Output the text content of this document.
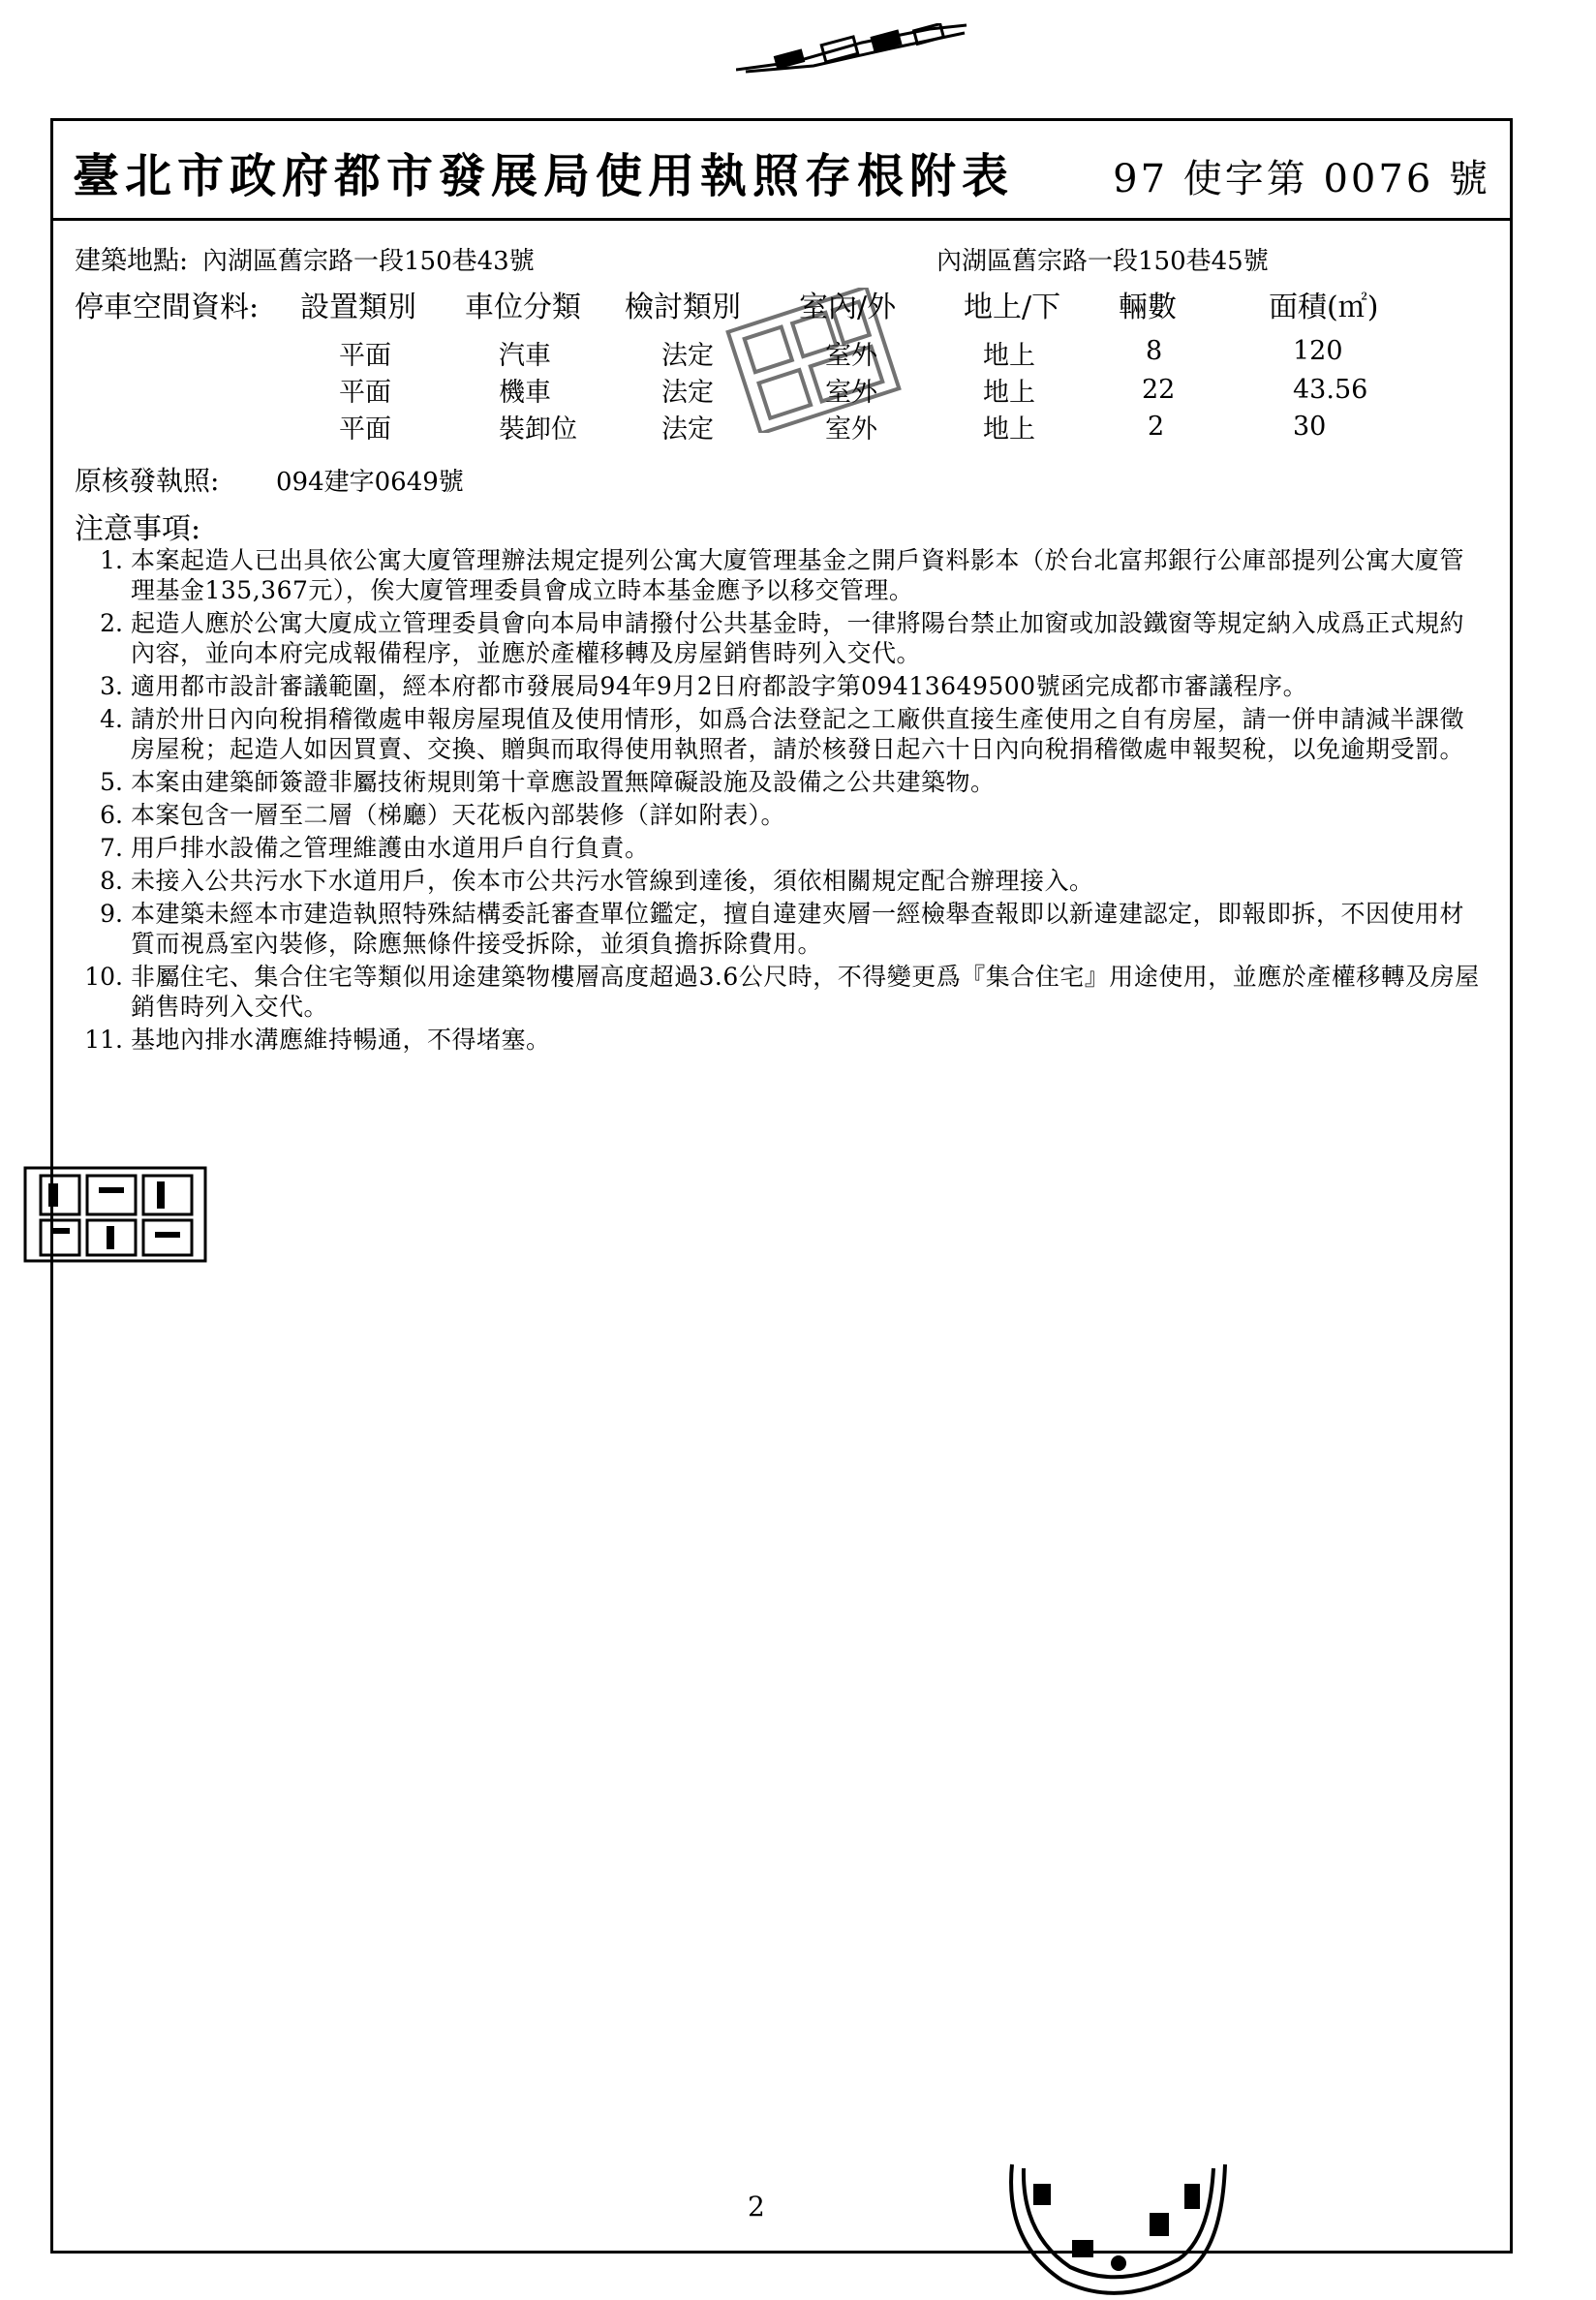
臺北市政府都市發展局使用執照存根附表	97 使字第 0076 號
建築地點: 內湖區舊宗路一段150巷43號	內湖區舊宗路一段150巷45號
停車空間資料: 設置類別 車位分類 檢討類別 室內/外 地上/下 輛數	面積(㎡)
平面	汽車	法定	室外	地上	8	120
平面	機車	法定	室外	地上	22	43.56
平面	裝卸位	法定	室外	地上	2	30
原核發執照: 094建字0649號
注意事項:
1. 本案起造人已出具依公寓大廈管理辦法規定提列公寓大廈管理基金之開戶資料影本（於台北富邦銀行公庫部提列公寓大廈管理基金135,367元），俟大廈管理委員會成立時本基金應予以移交管理。
2. 起造人應於公寓大廈成立管理委員會向本局申請撥付公共基金時，一律將陽台禁止加窗或加設鐵窗等規定納入成爲正式規約內容，並向本府完成報備程序，並應於產權移轉及房屋銷售時列入交代。
3. 適用都市設計審議範圍，經本府都市發展局94年9月2日府都設字第09413649500號函完成都市審議程序。
4. 請於卅日內向稅捐稽徵處申報房屋現值及使用情形，如爲合法登記之工廠供直接生產使用之自有房屋，請一併申請減半課徵房屋稅；起造人如因買賣、交換、贈與而取得使用執照者，請於核發日起六十日內向稅捐稽徵處申報契稅，以免逾期受罰。
5. 本案由建築師簽證非屬技術規則第十章應設置無障礙設施及設備之公共建築物。
6. 本案包含一層至二層（梯廳）天花板內部裝修（詳如附表）。
7. 用戶排水設備之管理維護由水道用戶自行負責。
8. 未接入公共污水下水道用戶，俟本市公共污水管線到達後，須依相關規定配合辦理接入。
9. 本建築未經本市建造執照特殊結構委託審查單位鑑定，擅自違建夾層一經檢舉查報即以新違建認定，即報即拆，不因使用材質而視爲室內裝修，除應無條件接受拆除，並須負擔拆除費用。
10. 非屬住宅、集合住宅等類似用途建築物樓層高度超過3.6公尺時，不得變更爲『集合住宅』用途使用，並應於產權移轉及房屋銷售時列入交代。
11. 基地內排水溝應維持暢通，不得堵塞。
2
